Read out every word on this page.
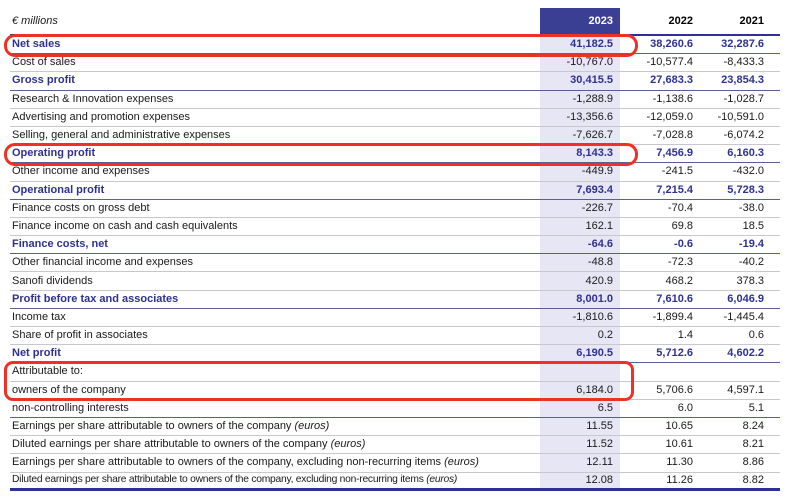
€ millions	2023	2022	2021
Net sales	41,182.5	38,260.6	32,287.6
Cost of sales	-10,767.0	-10,577.4	-8,433.3
Gross profit	30,415.5	27,683.3	23,854.3
Research & Innovation expenses	-1,288.9	-1,138.6	-1,028.7
Advertising and promotion expenses	-13,356.6	-12,059.0	-10,591.0
Selling, general and administrative expenses	-7,626.7	-7,028.8	-6,074.2
Operating profit	8,143.3	7,456.9	6,160.3
Other income and expenses	-449.9	-241.5	-432.0
Operational profit	7,693.4	7,215.4	5,728.3
Finance costs on gross debt	-226.7	-70.4	-38.0
Finance income on cash and cash equivalents	162.1	69.8	18.5
Finance costs, net	-64.6	-0.6	-19.4
Other financial income and expenses	-48.8	-72.3	-40.2
Sanofi dividends	420.9	468.2	378.3
Profit before tax and associates	8,001.0	7,610.6	6,046.9
Income tax	-1,810.6	-1,899.4	-1,445.4
Share of profit in associates	0.2	1.4	0.6
Net profit	6,190.5	5,712.6	4,602.2
Attributable to:
owners of the company	6,184.0	5,706.6	4,597.1
non-controlling interests	6.5	6.0	5.1
Earnings per share attributable to owners of the company (euros)	11.55	10.65	8.24
Diluted earnings per share attributable to owners of the company (euros)	11.52	10.61	8.21
Earnings per share attributable to owners of the company, excluding non-recurring items (euros)	12.11	11.30	8.86
Diluted earnings per share attributable to owners of the company, excluding non-recurring items (euros)	12.08	11.26	8.82
